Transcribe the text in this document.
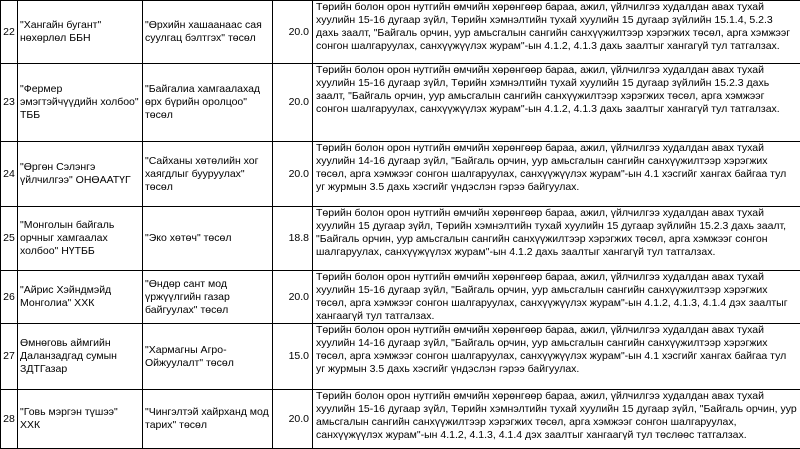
22	"Хангайн бугант" нөхөрлөл ББН	"Өрхийн хашаанаас сая суулгац бэлтгэх" төсөл	20.0	Төрийн болон орон нутгийн өмчийн хөрөнгөөр бараа, ажил, үйлчилгээ худалдан авах тухай хуулийн 15-16 дугаар зүйл, Төрийн хэмнэлтийн тухай хуулийн 15 дугаар зүйлийн 15.1.4, 5.2.3 дахь заалт, "Байгаль орчин, уур амьсгалын сангийн санхүүжилтээр хэрэгжих төсөл, арга хэмжээг сонгон шалгаруулах, санхүүжүүлэх журам"-ын 4.1.2, 4.1.3 дахь заалтыг хангагүй тул татгалзах.
23	"Фермер эмэгтэйчүүдийн холбоо" ТББ	"Байгалиа хамгаалахад өрх бүрийн оролцоо" төсөл	20.0	Төрийн болон орон нутгийн өмчийн хөрөнгөөр бараа, ажил, үйлчилгээ худалдан авах тухай хуулийн 15-16 дугаар зүйл, Төрийн хэмнэлтийн тухай хуулийн 15 дугаар зүйлийн 15.2.3 дахь заалт, "Байгаль орчин, уур амьсгалын сангийн санхүүжилтээр хэрэгжих төсөл, арга хэмжээг сонгон шалгаруулах, санхүүжүүлэх журам"-ын 4.1.2, 4.1.3 дахь заалтыг хангагүй тул татгалзах.
24	"Өргөн Сэлэнгэ үйлчилгээ" ОНӨААТҮГ	"Сайханы хөтөлийн хог хаягдлыг бууруулах" төсөл	20.0	Төрийн болон орон нутгийн өмчийн хөрөнгөөр бараа, ажил, үйлчилгээ худалдан авах тухай хуулийн 14-16 дугаар зүйл, "Байгаль орчин, уур амьсгалын сангийн санхүүжилтээр хэрэгжих төсөл, арга хэмжээг сонгон шалгаруулах, санхүүжүүлэх журам"-ын 4.1 хэсгийг хангах байгаа тул уг журмын 3.5 дахь хэсгийг үндэслэн гэрээ байгуулах.
25	"Монголын байгаль орчныг хамгаалах холбоо" НҮТББ	"Эко хөтөч" төсөл	18.8	Төрийн болон орон нутгийн өмчийн хөрөнгөөр бараа, ажил, үйлчилгээ худалдан авах тухай хуулийн 15 дугаар зүйл, Төрийн хэмнэлтийн тухай хуулийн 15 дугаар зүйлийн 15.2.3 дахь заалт, "Байгаль орчин, уур амьсгалын сангийн санхүүжилтээр хэрэгжих төсөл, арга хэмжээг сонгон шалгаруулах, санхүүжүүлэх журам"-ын 4.1.2 дахь заалтыг хангагүй тул татгалзах.
26	"Айрис Хэйндмэйд Монголиа" ХХК	"Өндөр сант мод үржүүлгийн газар байгуулах" төсөл	20.0	Төрийн болон орон нутгийн өмчийн хөрөнгөөр бараа, ажил, үйлчилгээ худалдан авах тухай хуулийн 15-16 дугаар зүйл, "Байгаль орчин, уур амьсгалын сангийн санхүүжилтээр хэрэгжих төсөл, арга хэмжээг сонгон шалгаруулах, санхүүжүүлэх журам"-ын 4.1.2, 4.1.3, 4.1.4 дэх заалтыг хангаагүй тул татгалзах.
27	Өмнөговь аймгийн Даланзадгад сумын ЗДТГазар	"Хармагны Агро-Ойжуулалт" төсөл	15.0	Төрийн болон орон нутгийн өмчийн хөрөнгөөр бараа, ажил, үйлчилгээ худалдан авах тухай хуулийн 14-16 дугаар зүйл, "Байгаль орчин, уур амьсгалын сангийн санхүүжилтээр хэрэгжих төсөл, арга хэмжээг сонгон шалгаруулах, санхүүжүүлэх журам"-ын 4.1 хэсгийг хангах байгаа тул уг журмын 3.5 дахь хэсгийг үндэслэн гэрээ байгуулах.
28	"Говь мэргэн түшээ" ХХК	"Чингэлтэй хайрханд мод тарих" төсөл	20.0	Төрийн болон орон нутгийн өмчийн хөрөнгөөр бараа, ажил, үйлчилгээ худалдан авах тухай хуулийн 15-16 дугаар зүйл, Төрийн хэмнэлтийн тухай хуулийн 15 дугаар зүйл, "Байгаль орчин, уур амьсгалын сангийн санхүүжилтээр хэрэгжих төсөл, арга хэмжээг сонгон шалгаруулах, санхүүжүүлэх журам"-ын 4.1.2, 4.1.3, 4.1.4 дэх заалтыг хангаагүй тул төслөөс татгалзах.
